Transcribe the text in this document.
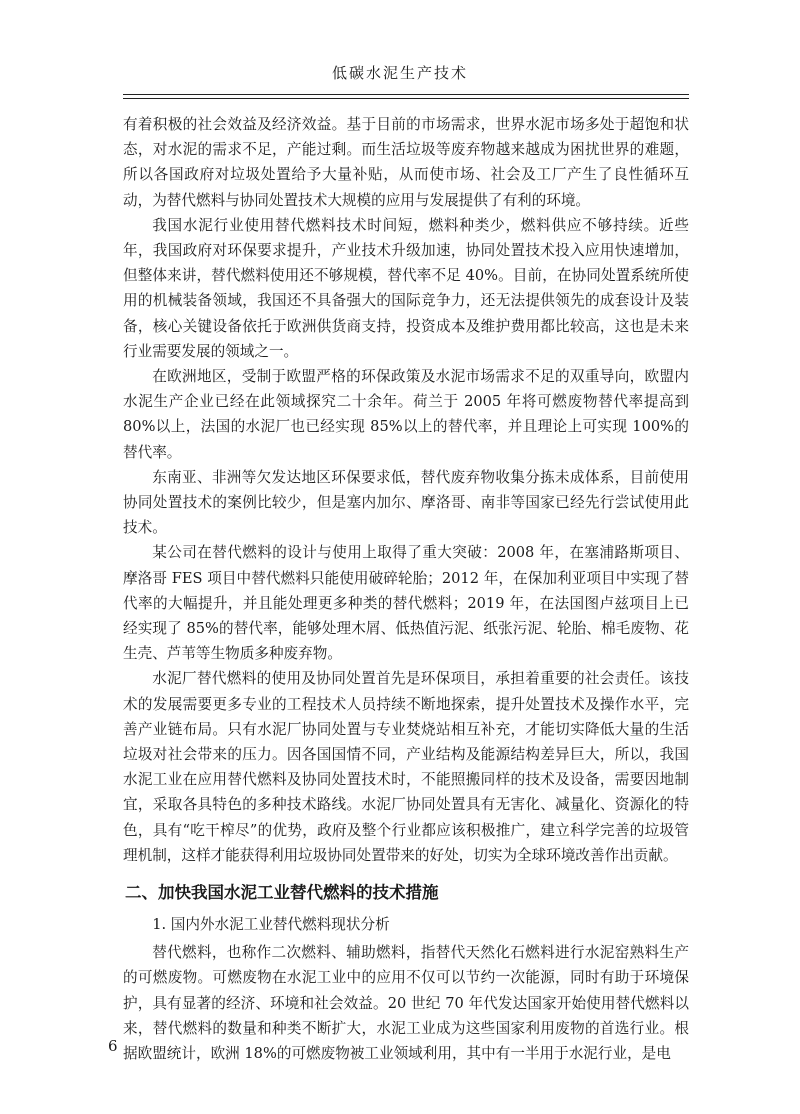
低碳水泥生产技术

有着积极的社会效益及经济效益。基于目前的市场需求，世界水泥市场多处于超饱和状态，对水泥的需求不足，产能过剩。而生活垃圾等废弃物越来越成为困扰世界的难题，所以各国政府对垃圾处置给予大量补贴，从而使市场、社会及工厂产生了良性循环互动，为替代燃料与协同处置技术大规模的应用与发展提供了有利的环境。

我国水泥行业使用替代燃料技术时间短，燃料种类少，燃料供应不够持续。近些年，我国政府对环保要求提升，产业技术升级加速，协同处置技术投入应用快速增加，但整体来讲，替代燃料使用还不够规模，替代率不足 40%。目前，在协同处置系统所使用的机械装备领域，我国还不具备强大的国际竞争力，还无法提供领先的成套设计及装备，核心关键设备依托于欧洲供货商支持，投资成本及维护费用都比较高，这也是未来行业需要发展的领域之一。

在欧洲地区，受制于欧盟严格的环保政策及水泥市场需求不足的双重导向，欧盟内水泥生产企业已经在此领域探究二十余年。荷兰于 2005 年将可燃废物替代率提高到 80%以上，法国的水泥厂也已经实现 85%以上的替代率，并且理论上可实现 100%的替代率。

东南亚、非洲等欠发达地区环保要求低，替代废弃物收集分拣未成体系，目前使用协同处置技术的案例比较少，但是塞内加尔、摩洛哥、南非等国家已经先行尝试使用此技术。

某公司在替代燃料的设计与使用上取得了重大突破：2008 年，在塞浦路斯项目、摩洛哥 FES 项目中替代燃料只能使用破碎轮胎；2012 年，在保加利亚项目中实现了替代率的大幅提升，并且能处理更多种类的替代燃料；2019 年，在法国图卢兹项目上已经实现了 85%的替代率，能够处理木屑、低热值污泥、纸张污泥、轮胎、棉毛废物、花生壳、芦苇等生物质多种废弃物。

水泥厂替代燃料的使用及协同处置首先是环保项目，承担着重要的社会责任。该技术的发展需要更多专业的工程技术人员持续不断地探索，提升处置技术及操作水平，完善产业链布局。只有水泥厂协同处置与专业焚烧站相互补充，才能切实降低大量的生活垃圾对社会带来的压力。因各国国情不同，产业结构及能源结构差异巨大，所以，我国水泥工业在应用替代燃料及协同处置技术时，不能照搬同样的技术及设备，需要因地制宜，采取各具特色的多种技术路线。水泥厂协同处置具有无害化、减量化、资源化的特色，具有“吃干榨尽”的优势，政府及整个行业都应该积极推广，建立科学完善的垃圾管理机制，这样才能获得利用垃圾协同处置带来的好处，切实为全球环境改善作出贡献。

二、加快我国水泥工业替代燃料的技术措施
1. 国内外水泥工业替代燃料现状分析

替代燃料，也称作二次燃料、辅助燃料，指替代天然化石燃料进行水泥窑熟料生产的可燃废物。可燃废物在水泥工业中的应用不仅可以节约一次能源，同时有助于环境保护，具有显著的经济、环境和社会效益。20 世纪 70 年代发达国家开始使用替代燃料以来，替代燃料的数量和种类不断扩大，水泥工业成为这些国家利用废物的首选行业。根据欧盟统计，欧洲 18%的可燃废物被工业领域利用，其中有一半用于水泥行业，是电

6
